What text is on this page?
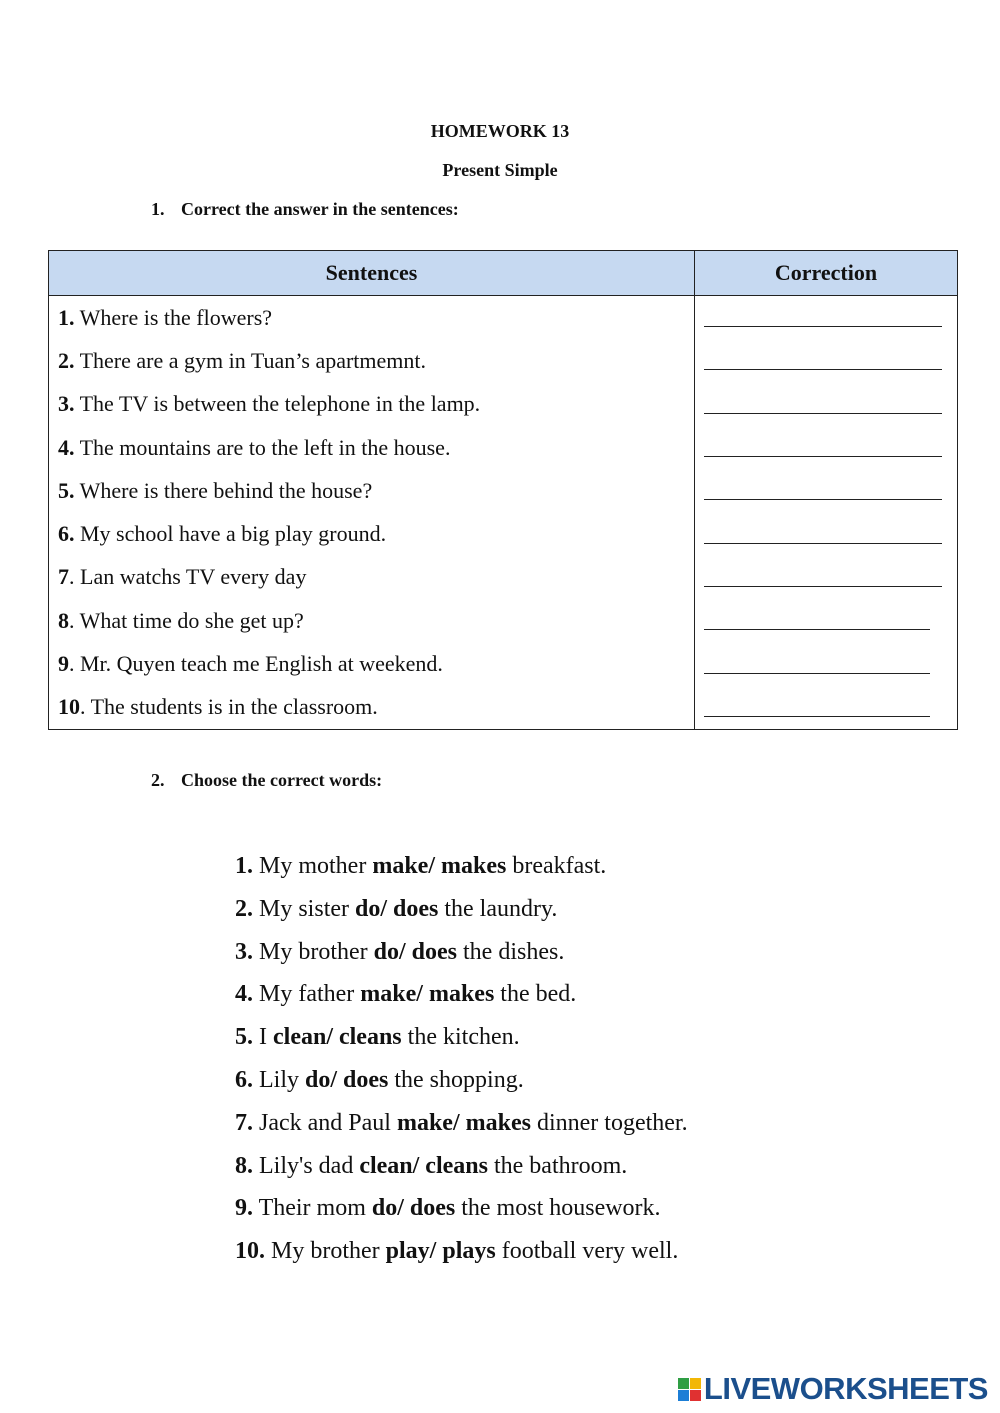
HOMEWORK 13
Present Simple
1. Correct the answer in the sentences:
Sentences	Correction
1. Where is the flowers?	

2. There are a gym in Tuan’s apartmemnt.	

3. The TV is between the telephone in the lamp.	

4. The mountains are to the left in the house.	

5. Where is there behind the house?	

6. My school have a big play ground.	

7. Lan watchs TV every day	

8. What time do she get up?	

9. Mr. Quyen teach me English at weekend.	

10. The students is in the classroom.	
2. Choose the correct words:
1. My mother make/ makes breakfast.
2. My sister do/ does the laundry.
3. My brother do/ does the dishes.
4. My father make/ makes the bed.
5. I clean/ cleans the kitchen.
6. Lily do/ does the shopping.
7. Jack and Paul make/ makes dinner together.
8. Lily's dad clean/ cleans the bathroom.
9. Their mom do/ does the most housework.
10. My brother play/ plays football very well.
LIVEWORKSHEETS
